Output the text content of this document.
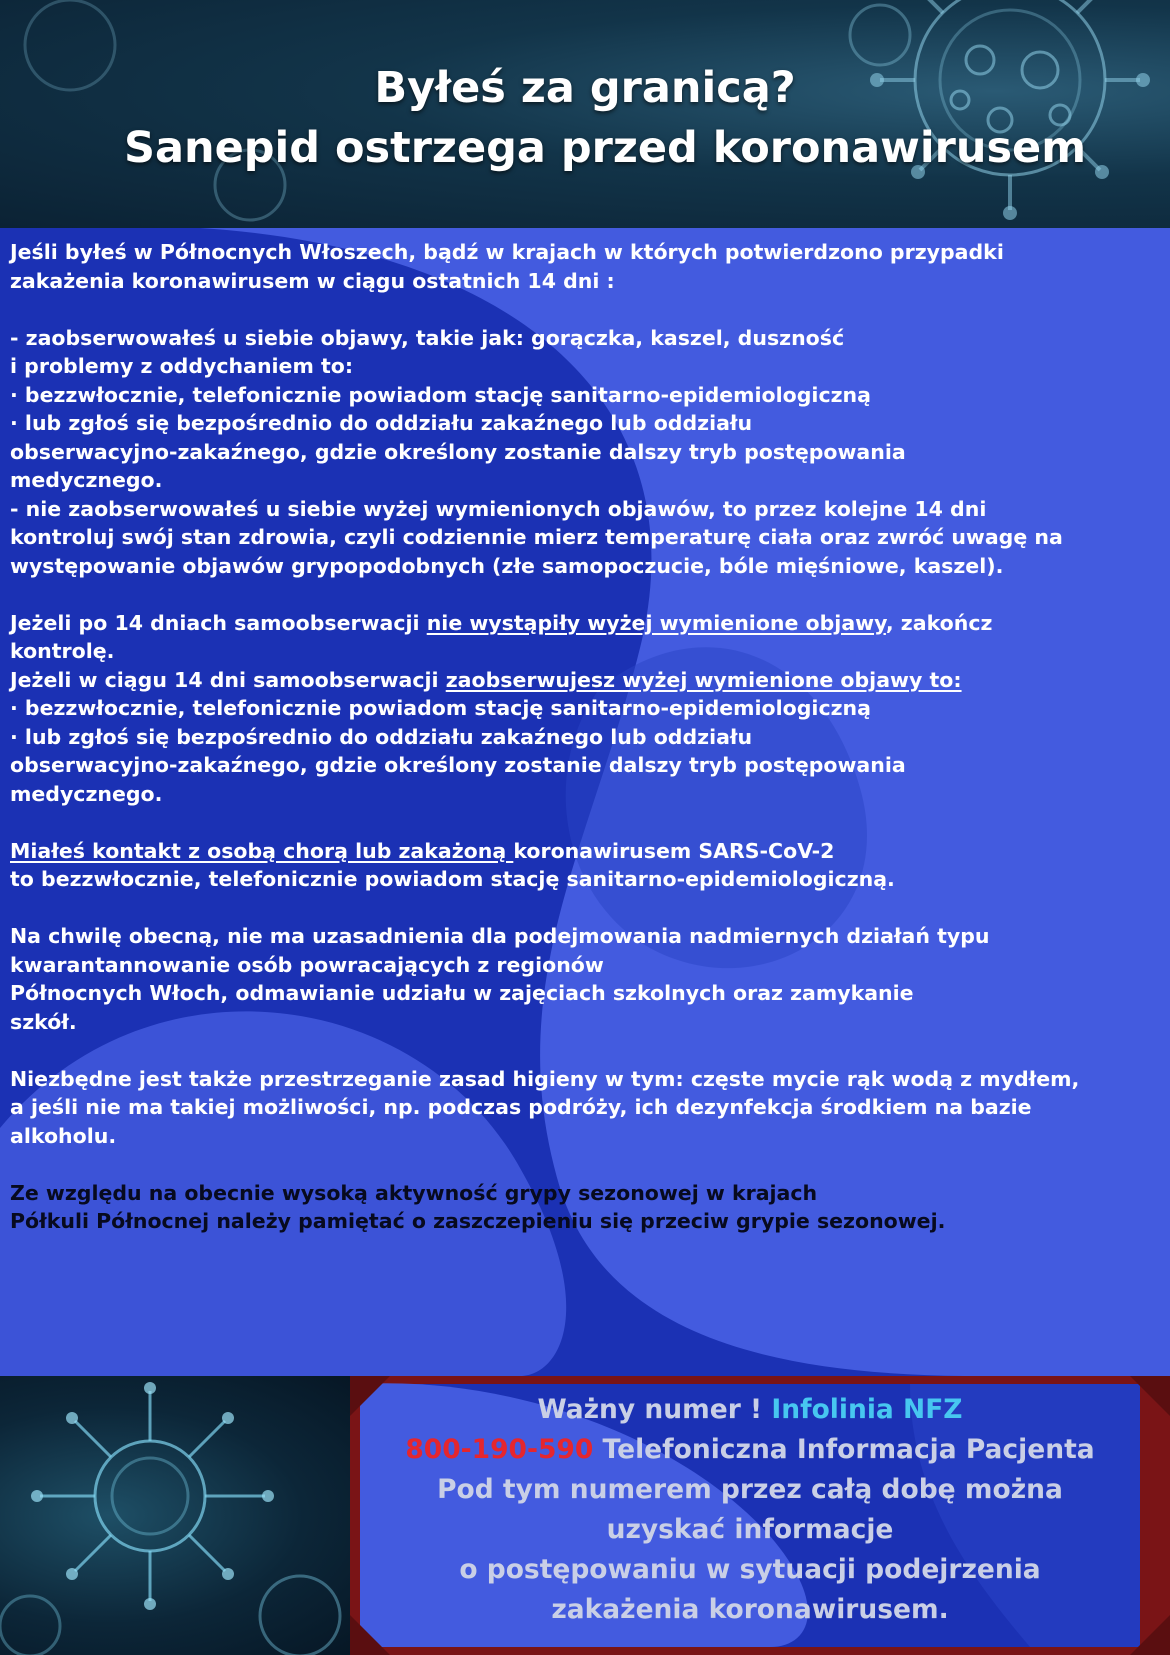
Byłeś za granicą?
Sanepid ostrzega przed koronawirusem

Jeśli byłeś w Północnych Włoszech, bądź w krajach w których potwierdzono przypadki

zakażenia koronawirusem w ciągu ostatnich 14 dni :

- zaobserwowałeś u siebie objawy, takie jak: gorączka, kaszel, duszność

i problemy z oddychaniem to:

· bezzwłocznie, telefonicznie powiadom stację sanitarno-epidemiologiczną

· lub zgłoś się bezpośrednio do oddziału zakaźnego lub oddziału

obserwacyjno-zakaźnego, gdzie określony zostanie dalszy tryb postępowania

medycznego.

- nie zaobserwowałeś u siebie wyżej wymienionych objawów, to przez kolejne 14 dni

kontroluj swój stan zdrowia, czyli codziennie mierz temperaturę ciała oraz zwróć uwagę na

występowanie objawów grypopodobnych (złe samopoczucie, bóle mięśniowe, kaszel).

Jeżeli po 14 dniach samoobserwacji nie wystąpiły wyżej wymienione objawy, zakończ

kontrolę.

Jeżeli w ciągu 14 dni samoobserwacji zaobserwujesz wyżej wymienione objawy to:

· bezzwłocznie, telefonicznie powiadom stację sanitarno-epidemiologiczną

· lub zgłoś się bezpośrednio do oddziału zakaźnego lub oddziału

obserwacyjno-zakaźnego, gdzie określony zostanie dalszy tryb postępowania

medycznego.

Miałeś kontakt z osobą chorą lub zakażoną koronawirusem SARS-CoV-2

to bezzwłocznie, telefonicznie powiadom stację sanitarno-epidemiologiczną.

Na chwilę obecną, nie ma uzasadnienia dla podejmowania nadmiernych działań typu

kwarantannowanie osób powracających z regionów

Północnych Włoch, odmawianie udziału w zajęciach szkolnych oraz zamykanie

szkół.

Niezbędne jest także przestrzeganie zasad higieny w tym: częste mycie rąk wodą z mydłem,

a jeśli nie ma takiej możliwości, np. podczas podróży, ich dezynfekcja środkiem na bazie

alkoholu.

Ze względu na obecnie wysoką aktywność grypy sezonowej w krajach

Półkuli Północnej należy pamiętać o zaszczepieniu się przeciw grypie sezonowej.

Ważny numer ! Infolinia NFZ

800-190-590 Telefoniczna Informacja Pacjenta

Pod tym numerem przez całą dobę można

uzyskać informacje

o postępowaniu w sytuacji podejrzenia

zakażenia koronawirusem.
